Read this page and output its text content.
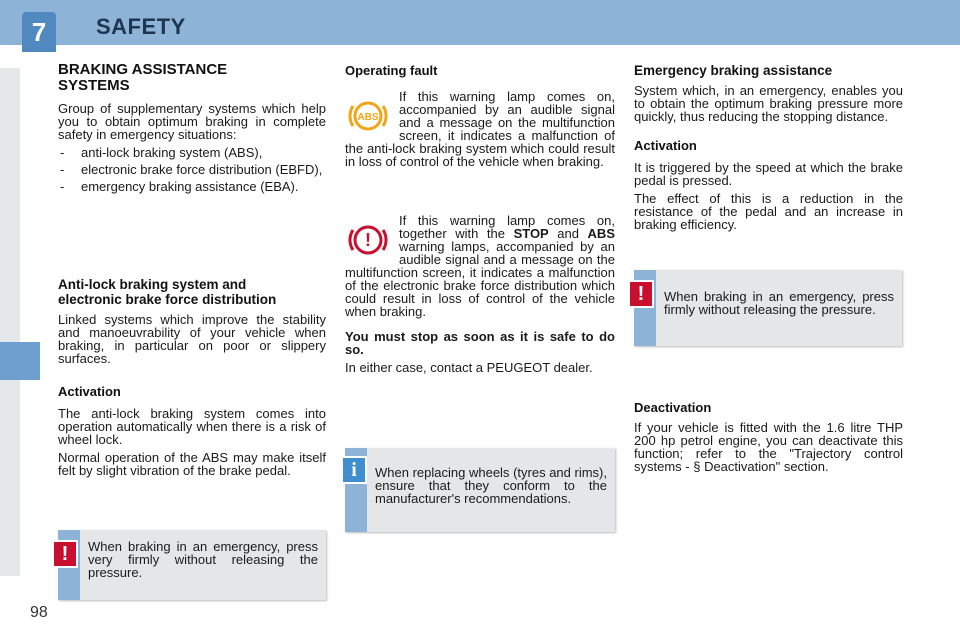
7	SAFETY
98
BRAKING ASSISTANCE SYSTEMS

Group of supplementary systems which help you to obtain optimum braking in complete safety in emergency situations:

- anti-lock braking system (ABS),
- electronic brake force distribution (EBFD),
- emergency braking assistance (EBA).
Anti-lock braking system and electronic brake force distribution

Linked systems which improve the stability and manoeuvrability of your vehicle when braking, in particular on poor or slippery surfaces.

Activation

The anti-lock braking system comes into operation automatically when there is a risk of wheel lock.

Normal operation of the ABS may make itself felt by slight vibration of the brake pedal.

When braking in an emergency, press very firmly without releasing the pressure.
!
Operating fault
ABS

If this warning lamp comes on, accompanied by an audible signal and a message on the multifunction screen, it indicates a malfunction of the anti-lock braking system which could result in loss of control of the vehicle when braking.

!

If this warning lamp comes on, together with the STOP and ABS warning lamps, accompanied by an audible signal and a message on the multifunction screen, it indicates a malfunction of the electronic brake force distribution which could result in loss of control of the vehicle when braking.

You must stop as soon as it is safe to do so.

In either case, contact a PEUGEOT dealer.

When replacing wheels (tyres and rims), ensure that they conform to the manufacturer's recommendations.
i
Emergency braking assistance

System which, in an emergency, enables you to obtain the optimum braking pressure more quickly, thus reducing the stopping distance.

Activation

It is triggered by the speed at which the brake pedal is pressed.

The effect of this is a reduction in the resistance of the pedal and an increase in braking efficiency.

When braking in an emergency, press firmly without releasing the pressure.
!
Deactivation

If your vehicle is fitted with the 1.6 litre THP 200 hp petrol engine, you can deactivate this function; refer to the "Trajectory control systems - § Deactivation" section.
